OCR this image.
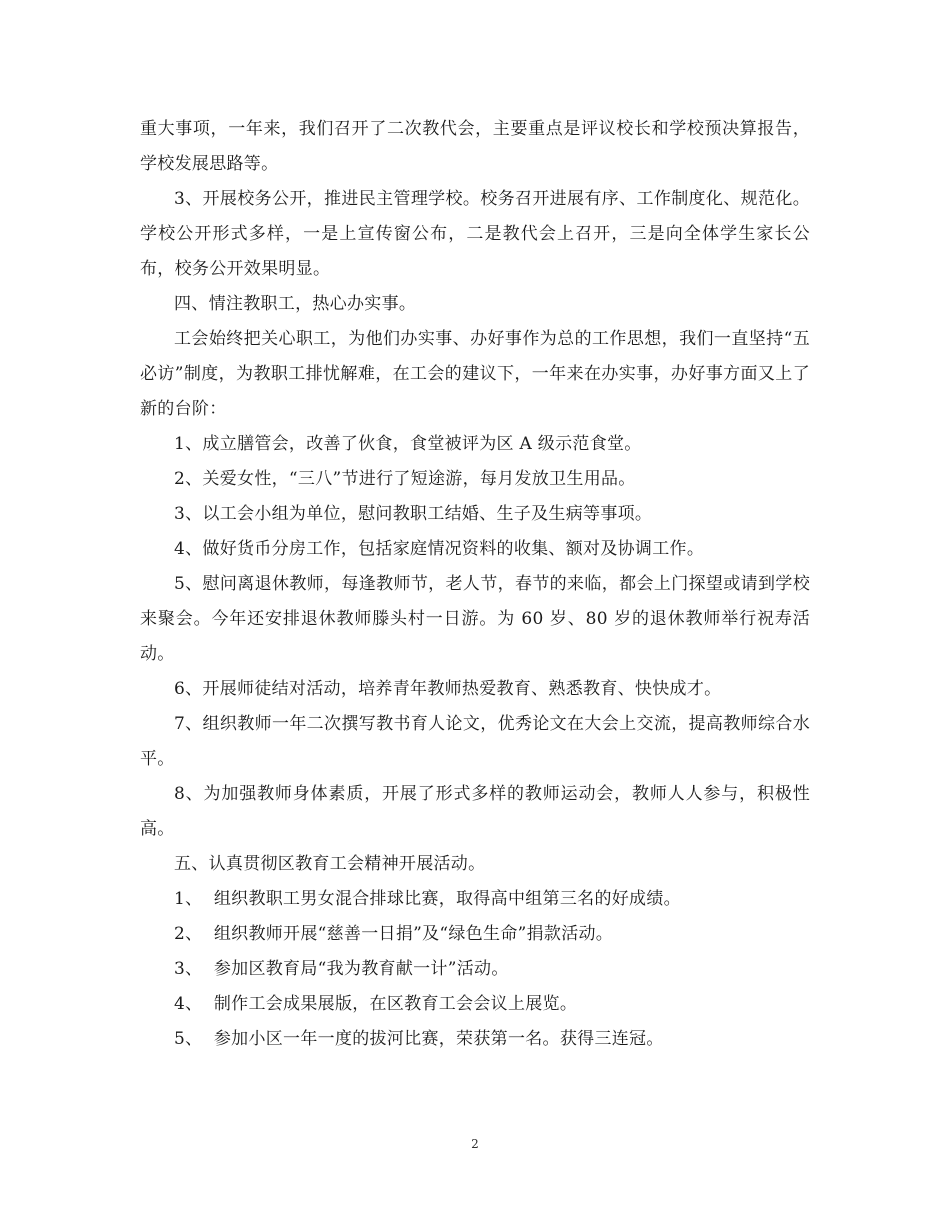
重大事项，一年来，我们召开了二次教代会，主要重点是评议校长和学校预决算报告，学校发展思路等。

3、开展校务公开，推进民主管理学校。校务召开进展有序、工作制度化、规范化。学校公开形式多样，一是上宣传窗公布，二是教代会上召开，三是向全体学生家长公布，校务公开效果明显。

四、情注教职工，热心办实事。

工会始终把关心职工，为他们办实事、办好事作为总的工作思想，我们一直坚持“五必访”制度，为教职工排忧解难，在工会的建议下，一年来在办实事，办好事方面又上了新的台阶：

1、成立膳管会，改善了伙食，食堂被评为区 A 级示范食堂。

2、关爱女性，“三八”节进行了短途游，每月发放卫生用品。

3、以工会小组为单位，慰问教职工结婚、生子及生病等事项。

4、做好货币分房工作，包括家庭情况资料的收集、额对及协调工作。

5、慰问离退休教师，每逢教师节，老人节，春节的来临，都会上门探望或请到学校来聚会。今年还安排退休教师滕头村一日游。为 60 岁、80 岁的退休教师举行祝寿活动。

6、开展师徒结对活动，培养青年教师热爱教育、熟悉教育、快快成才。

7、组织教师一年二次撰写教书育人论文，优秀论文在大会上交流，提高教师综合水平。

8、为加强教师身体素质，开展了形式多样的教师运动会，教师人人参与，积极性高。

五、认真贯彻区教育工会精神开展活动。

1、 组织教职工男女混合排球比赛，取得高中组第三名的好成绩。
2、 组织教师开展“慈善一日捐”及“绿色生命”捐款活动。
3、 参加区教育局“我为教育献一计”活动。
4、 制作工会成果展版，在区教育工会会议上展览。
5、 参加小区一年一度的拔河比赛，荣获第一名。获得三连冠。
2
